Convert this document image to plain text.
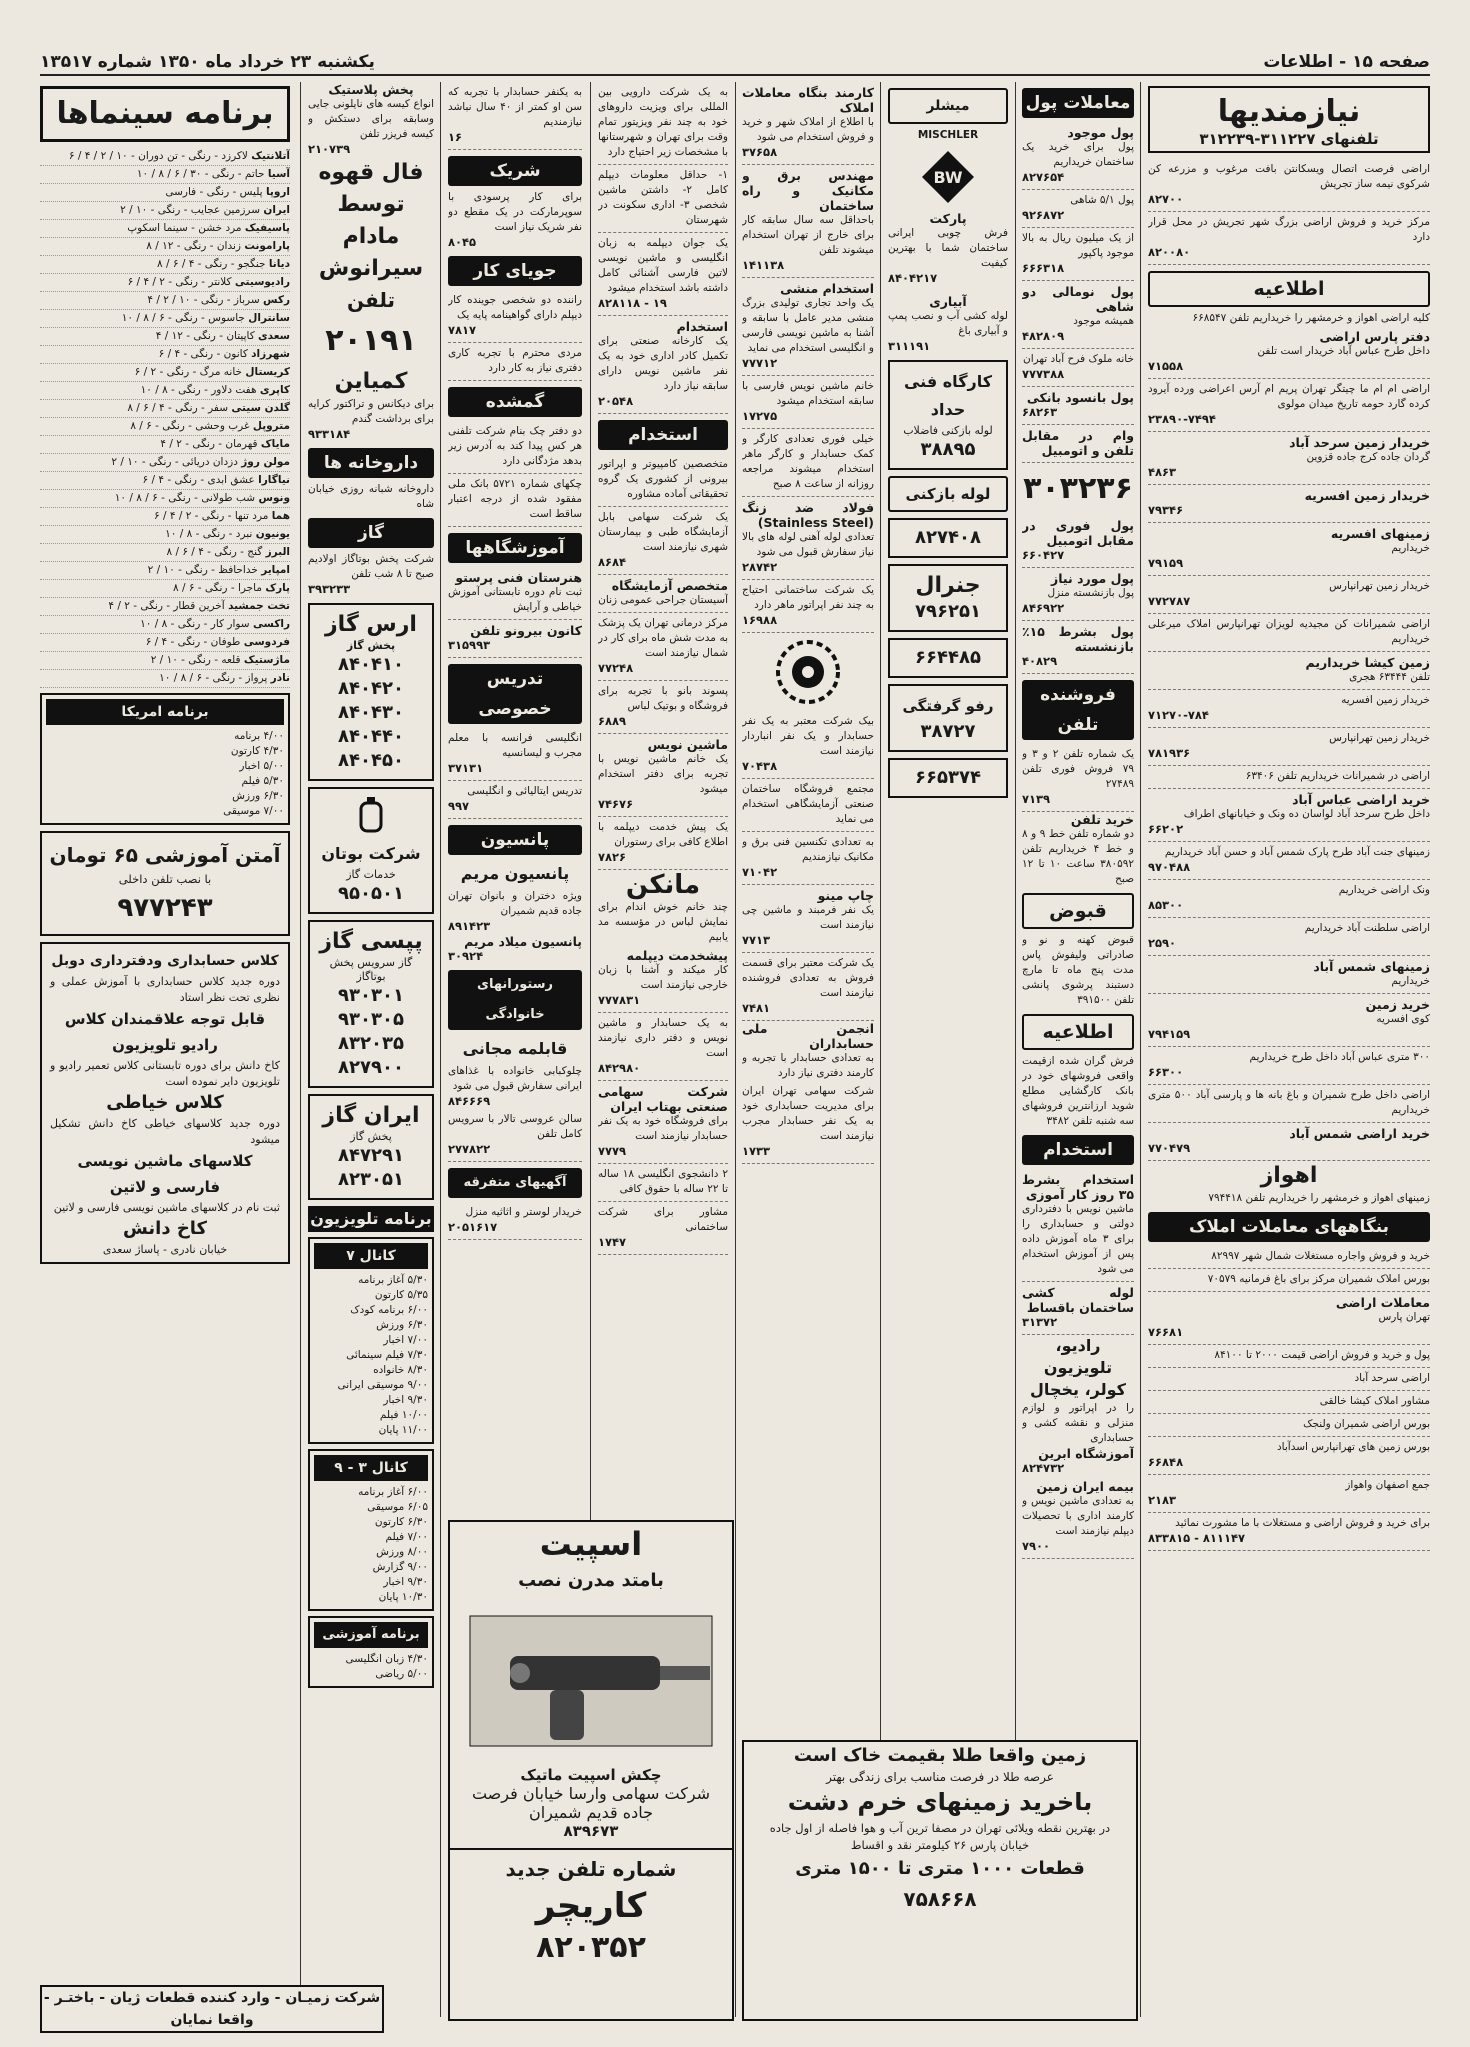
صفحه ۱۵ - اطلاعات
یکشنبه ۲۳ خرداد ماه ۱۳۵۰ شماره ۱۳۵۱۷
نیازمندیها
تلفنهای ۳۱۱۲۲۷-۳۱۲۲۳۹
اراضی فرصت اتصال ویسکانتن بافت مرغوب و مزرعه کن شرکوی نیمه ساز تجریش
۸۲۷۰۰
مرکز خرید و فروش اراضی بزرگ شهر تجریش در محل قرار دارد
۸۲۰۰۸۰
اطلاعیه

کلیه اراضی اهواز و خرمشهر را خریداریم تلفن ۶۶۸۵۴۷

دفتر پارس اراضی
داخل طرح عباس آباد خریدار است تلفن
۷۱۵۵۸
اراضی ام ام ما چیتگر تهران پریم ام آرس اعراضی ورده آیرود کرده گارد حومه تاریخ میدان مولوی
۲۳۸۹۰-۷۴۹۴
خریدار زمین سرحد آباد
گردان جاده کرج جاده قزوین
۴۸۶۳
خریدار زمین افسریه
۷۹۳۴۶
زمینهای افسریه
خریداریم
۷۹۱۵۹
خریدار زمین تهرانپارس
۷۷۲۷۸۷
اراضی شمیرانات کن مجیدیه لویزان تهرانپارس املاک میرعلی خریداریم
زمین کیشا خریداریم
تلفن ۶۳۴۴۴ هجری
خریدار زمین افسریه
۷۱۲۷۰-۷۸۴
خریدار زمین تهرانپارس
۷۸۱۹۳۶
اراضی در شمیرانات خریداریم تلفن ۶۳۴۰۶
خرید اراضی عباس آباد
داخل طرح سرحد آباد لواسان ده ونک و خیابانهای اطراف
۶۶۲۰۲
زمینهای جنت آباد طرح پارک شمس آباد و حسن آباد خریداریم
۹۷۰۴۸۸
ونک اراضی خریداریم
۸۵۳۰۰
اراضی سلطنت آباد خریداریم
۲۵۹۰
زمینهای شمس آباد
خریداریم
خرید زمین
کوی افسریه
۷۹۴۱۵۹
۳۰۰ متری عباس آباد داخل طرح خریداریم
۶۶۳۰۰
اراضی داخل طرح شمیران و باغ بانه ها و پارسی آباد ۵۰۰ متری خریداریم
خرید اراضی شمس آباد
۷۷۰۴۷۹
اهواز

زمینهای اهواز و خرمشهر را خریداریم تلفن ۷۹۴۴۱۸

بنگاههای معاملات املاک
خرید و فروش واجاره مستغلات شمال شهر ۸۲۹۹۷
بورس املاک شمیران مرکز برای باغ فرمانیه ۷۰۵۷۹
معاملات اراضی
تهران پارس
۷۶۶۸۱
پول و خرید و فروش اراضی قیمت ۲۰۰۰ تا ۸۴۱۰۰
اراضی سرحد آباد
مشاور املاک کیشا خالقی
بورس اراضی شمیران ولنجک
بورس زمین های تهرانپارس اسدآباد
۶۶۸۴۸
جمع اصفهان واهواز
۲۱۸۳
برای خرید و فروش اراضی و مستغلات با ما مشورت نمائید
۸۳۳۸۱۵ - ۸۱۱۱۴۷
معاملات پول
پول موجود
پول برای خرید یک ساختمان خریداریم
۸۲۷۶۵۴
پول ۵/۱ شاهی
۹۲۶۸۷۲
از یک میلیون ریال به بالا موجود پاکپور
۶۶۶۳۱۸
پول نومالی دو شاهی
همیشه موجود
۴۸۲۸۰۹
خانه ملوک فرح آباد تهران
۷۷۷۳۸۸
پول بانسود بانکی
۶۸۲۶۳
وام در مقابل تلفن و اتومبیل
۳۰۳۲۳۶
پول فوری در مقابل اتومبیل
۶۶۰۴۲۷
پول مورد نیاز
پول بازنشسته منزل
۸۴۶۹۲۲
پول بشرط ۱۵٪ بازنشسته
۴۰۸۲۹
فروشنده تلفن
یک شماره تلفن ۲ و ۳ و ۷۹ فروش فوری تلفن ۲۷۴۸۹
۷۱۳۹
خرید تلفن

دو شماره تلفن خط ۹ و ۸ و خط ۴ خریداریم تلفن ۳۸۰۵۹۲ ساعت ۱۰ تا ۱۲ صبح

قبوض

قبوض کهنه و نو و صادراتی ولیفوش پاس مدت پنج ماه تا مارچ دستبند پرشوی پانشی تلفن ۳۹۱۵۰۰

اطلاعیه

فرش گران شده ازقیمت واقعی فروشهای خود در بانک کارگشایی مطلع شوید ارزانترین فروشهای سه شنبه تلفن ۳۴۸۲

استخدام
استخدام بشرط ۳۵ روز کار آموزی
ماشین نویس با دفترداری دولتی و حسابداری را برای ۳ ماه آموزش داده پس از آموزش استخدام می شود
لوله کشی ساختمان باقساط
۳۱۳۷۲
رادیو، تلویزیون کولر، یخچال

را در اپراتور و لوازم منزلی و نقشه کشی و حسابداری

آموزشگاه ابرین
۸۲۴۷۳۲
بیمه ایران زمین
به تعدادی ماشین نویس و کارمند اداری با تحصیلات دیپلم نیازمند است
۷۹۰۰
میشلر
MISCHLER
BW
پارکت

فرش چوبی ایرانی ساختمان شما با بهترین کیفیت

۸۴۰۴۲۱۷
آبیاری

لوله کشی آب و نصب پمپ و آبیاری باغ

۳۱۱۱۹۱
کارگاه فنی حداد
لوله بازکنی فاضلاب
۳۸۸۹۵
لوله بازکنی
۸۲۷۴۰۸
جنرال
۷۹۶۲۵۱
۶۶۴۴۸۵
رفو گرفتگی
۳۸۷۲۷
۶۶۵۳۷۴
کارمند بنگاه معاملات املاک
با اطلاع از املاک شهر و خرید و فروش استخدام می شود
۳۷۶۵۸
مهندس برق و مکانیک و راه ساختمان
باحداقل سه سال سابقه کار برای خارج از تهران استخدام میشوند تلفن
۱۴۱۱۳۸
استخدام منشی
یک واحد تجاری تولیدی بزرگ منشی مدیر عامل با سابقه و آشنا به ماشین نویسی فارسی و انگلیسی استخدام می نماید
۷۷۷۱۲
خانم ماشین نویس فارسی با سابقه استخدام میشود
۱۷۲۷۵
خیلی فوری تعدادی کارگر و کمک حسابدار و کارگر ماهر استخدام میشوند مراجعه روزانه از ساعت ۸ صبح
فولاد ضد زنگ (Stainless Steel)
تعدادی لوله آهنی لوله های بالا نیاز سفارش قبول می شود
۲۸۷۴۲
یک شرکت ساختمانی احتیاج به چند نفر اپراتور ماهر دارد
۱۶۹۸۸
بیک شرکت معتبر به یک نفر حسابدار و یک نفر انباردار نیازمند است
۷۰۴۳۸
مجتمع فروشگاه ساختمان صنعتی آزمایشگاهی استخدام می نماید
به تعدادی تکنسین فنی برق و مکانیک نیازمندیم
۷۱۰۴۲
چاپ مینو
یک نفر فرمبند و ماشین چی نیازمند است
۷۷۱۳
یک شرکت معتبر برای قسمت فروش به تعدادی فروشنده نیازمند است
۷۴۸۱
انجمن ملی حسابداران

به تعدادی حسابدار با تجربه و کارمند دفتری نیاز دارد

شرکت سهامی تهران ایران برای مدیریت حسابداری خود به یک نفر حسابدار مجرب نیازمند است
۱۷۳۳
به یک شرکت دارویی بین المللی برای ویزیت داروهای خود به چند نفر ویزیتور تمام وقت برای تهران و شهرستانها با مشخصات زیر احتیاج دارد
۱- حداقل معلومات دیپلم کامل ۲- داشتن ماشین شخصی ۳- اداری سکونت در شهرستان
یک جوان دیپلمه به زبان انگلیسی و ماشین نویسی لاتین فارسی آشنائی کامل داشته باشد استخدام میشود
۸۲۸۱۱۸ - ۱۹
استخدام
یک کارخانه صنعتی برای تکمیل کادر اداری خود به یک نفر ماشین نویس دارای سابقه نیاز دارد
۲۰۵۴۸
استخدام
متخصصین کامپیوتر و اپراتور بیرونی از کشوری یک گروه تحقیقاتی آماده مشاوره
یک شرکت سهامی بابل آزمایشگاه طبی و بیمارستان شهری نیازمند است
۸۶۸۴
متخصص آزمایشگاه
آسیستان جراحی عمومی زنان
مرکز درمانی تهران یک پزشک به مدت شش ماه برای کار در شمال نیازمند است
۷۷۲۴۸
پسوند بانو با تجربه برای فروشگاه و بوتیک لباس
۶۸۸۹
ماشین نویس
یک خانم ماشین نویس با تجربه برای دفتر استخدام میشود
۷۴۶۷۶
یک پیش خدمت دیپلمه با اطلاع کافی برای رستوران
۷۸۲۶
مانکن

چند خانم خوش اندام برای نمایش لباس در مؤسسه مد یابیم

پیشخدمت دیپلمه
کار میکند و آشنا با زبان خارجی نیازمند است
۷۷۷۸۳۱
به یک حسابدار و ماشین نویس و دفتر داری نیازمند است
۸۴۲۹۸۰
شرکت سهامی صنعتی بهتاب ایران
برای فروشگاه خود به یک نفر حسابدار نیازمند است
۷۷۷۹
۲ دانشجوی انگلیسی ۱۸ ساله تا ۲۲ ساله با حقوق کافی
مشاور برای شرکت ساختمانی
۱۷۴۷
به یکنفر حسابدار با تجربه که سن او کمتر از ۴۰ سال نباشد نیازمندیم
۱۶
شریک

برای کار پرسودی با سوپرمارکت در یک مقطع دو نفر شریک نیاز است

۸۰۴۵
جویای کار
راننده دو شخصی جوینده کار دیپلم دارای گواهینامه پایه یک
۷۸۱۷
مردی محترم با تجربه کاری دفتری نیاز به کار دارد
گمشده
دو دفتر چک بنام شرکت تلفنی هر کس پیدا کند به آدرس زیر بدهد مژدگانی دارد
چکهای شماره ۵۷۲۱ بانک ملی مفقود شده از درجه اعتبار ساقط است
آموزشگاهها
هنرستان فنی پرستو
ثبت نام دوره تابستانی آموزش خیاطی و آرایش
کانون بیرونو تلفن
۳۱۵۹۹۳
تدریس خصوصی
انگلیسی فرانسه با معلم مجرب و لیسانسیه
۳۷۱۳۱
تدریس ایتالیائی و انگلیسی
۹۹۷
پانسیون
پانسیون مریم

ویژه دختران و بانوان تهران جاده قدیم شمیران

۸۹۱۴۲۳
پانسیون میلاد مریم
۳۰۹۲۴
رستورانهای خانوادگی
قابلمه مجانی

چلوکبابی خانواده با غذاهای ایرانی سفارش قبول می شود

۸۴۶۶۶۹
سالن عروسی تالار با سرویس کامل تلفن
۲۷۷۸۲۲
آگهیهای متفرقه
خریدار لوستر و اثاثیه منزل
۲۰۵۱۶۱۷
پخش پلاستیک

انواع کیسه های نایلونی جایی وسابقه برای دستکش و کیسه فریزر تلفن

۲۱۰۷۳۹
فال قهوه توسط مادام سیرانوش
تلفن
۲۰۱۹۱
کمیاین

برای دیکانس و تراکتور کرایه برای برداشت گندم

۹۳۳۱۸۴
داروخانه ها

داروخانه شبانه روزی خیابان شاه

گاز

شرکت پخش بوتاگاز اولادیم صبح تا ۸ شب تلفن

۳۹۳۲۳۳
ارس گاز
پخش گاز
۸۴۰۴۱۰
۸۴۰۴۲۰
۸۴۰۴۳۰
۸۴۰۴۴۰
۸۴۰۴۵۰
شرکت بوتان
خدمات گاز
۹۵۰۵۰۱
پپسی گاز
گاز سرویس پخش بوتاگاز
۹۳۰۳۰۱
۹۳۰۳۰۵
۸۳۲۰۳۵
۸۲۷۹۰۰
ایران گاز
پخش گاز
۸۴۷۲۹۱
۸۲۳۰۵۱
برنامه تلویزیون
کانال ۷
۵/۳۰ آغاز برنامه
۵/۳۵ کارتون
۶/۰۰ برنامه کودک
۶/۳۰ ورزش
۷/۰۰ اخبار
۷/۳۰ فیلم سینمائی
۸/۳۰ خانواده
۹/۰۰ موسیقی ایرانی
۹/۳۰ اخبار
۱۰/۰۰ فیلم
۱۱/۰۰ پایان
کانال ۳ - ۹
۶/۰۰ آغاز برنامه
۶/۰۵ موسیقی
۶/۳۰ کارتون
۷/۰۰ فیلم
۸/۰۰ ورزش
۹/۰۰ گزارش
۹/۳۰ اخبار
۱۰/۳۰ پایان
برنامه آموزشی
۴/۳۰ زبان انگلیسی
۵/۰۰ ریاضی
برنامه سینماها
آتلانتیک لاکرزد - رنگی - تن دوران - ۱۰ / ۲ / ۴ / ۶
آسیا حاتم - رنگی - ۳۰ / ۶ / ۸ / ۱۰
اروپا پلیس - رنگی - فارسی
ایران سرزمین عجایب - رنگی - ۱۰ / ۲
پاسیفیک مرد خشن - سینما اسکوپ
پارامونت زندان - رنگی - ۱۲ / ۸
دیانا جنگجو - رنگی - ۴ / ۶ / ۸
رادیوسیتی کلانتر - رنگی - ۲ / ۴ / ۶
رکس سرباز - رنگی - ۱۰ / ۲ / ۴
سانترال جاسوس - رنگی - ۶ / ۸ / ۱۰
سعدی کاپیتان - رنگی - ۱۲ / ۴
شهرزاد کانون - رنگی - ۴ / ۶
کریستال خانه مرگ - رنگی - ۲ / ۶
کاپری هفت دلاور - رنگی - ۸ / ۱۰
گلدن سیتی سفر - رنگی - ۴ / ۶ / ۸
متروپل غرب وحشی - رنگی - ۶ / ۸
مایاک قهرمان - رنگی - ۲ / ۴
مولن روژ دزدان دریائی - رنگی - ۱۰ / ۲
نیاگارا عشق ابدی - رنگی - ۴ / ۶
ونوس شب طولانی - رنگی - ۶ / ۸ / ۱۰
هما مرد تنها - رنگی - ۲ / ۴ / ۶
یونیون نبرد - رنگی - ۸ / ۱۰
البرز گنج - رنگی - ۴ / ۶ / ۸
امپایر خداحافظ - رنگی - ۱۰ / ۲
پارک ماجرا - رنگی - ۶ / ۸
تخت جمشید آخرین قطار - رنگی - ۲ / ۴
راکسی سوار کار - رنگی - ۸ / ۱۰
فردوسی طوفان - رنگی - ۴ / ۶
ماژستیک قلعه - رنگی - ۱۰ / ۲
نادر پرواز - رنگی - ۶ / ۸ / ۱۰
برنامه امریکا
۴/۰۰ برنامه
۴/۳۰ کارتون
۵/۰۰ اخبار
۵/۳۰ فیلم
۶/۳۰ ورزش
۷/۰۰ موسیقی
آمتن آموزشی ۶۵ تومان
با نصب تلفن داخلی
۹۷۷۲۴۳
کلاس حسابداری ودفترداری دوبل
دوره جدید کلاس حسابداری با آموزش عملی و نظری تحت نظر استاد
قابل توجه علاقمندان کلاس رادیو تلویزیون
کاخ دانش برای دوره تابستانی کلاس تعمیر رادیو و تلویزیون دایر نموده است
کلاس خیاطی
دوره جدید کلاسهای خیاطی کاخ دانش تشکیل میشود
کلاسهای ماشین نویسی فارسی و لاتین
ثبت نام در کلاسهای ماشین نویسی فارسی و لاتین
کاخ دانش
خیابان نادری - پاساژ سعدی
اسپیت
بامتد مدرن نصب
چکش اسپیت ماتیک

شرکت سهامی وارسا خیابان فرصت جاده قدیم شمیران

۸۳۹۶۷۳
شماره تلفن جدید
کاریچر
۸۲۰۳۵۲
زمین واقعا طلا بقیمت خاک است
عرصه طلا در فرصت مناسب برای زندگی بهتر
باخرید زمینهای خرم دشت

در بهترین نقطه ویلائی تهران در مصفا ترین آب و هوا فاصله از اول جاده خیابان پارس ۲۶ کیلومتر نقد و اقساط

قطعات ۱۰۰۰ متری تا ۱۵۰۰ متری
۷۵۸۶۶۸
شرکت زمیـان - وارد کننده قطعات ژیان - باختـر - واقعا نمایان
